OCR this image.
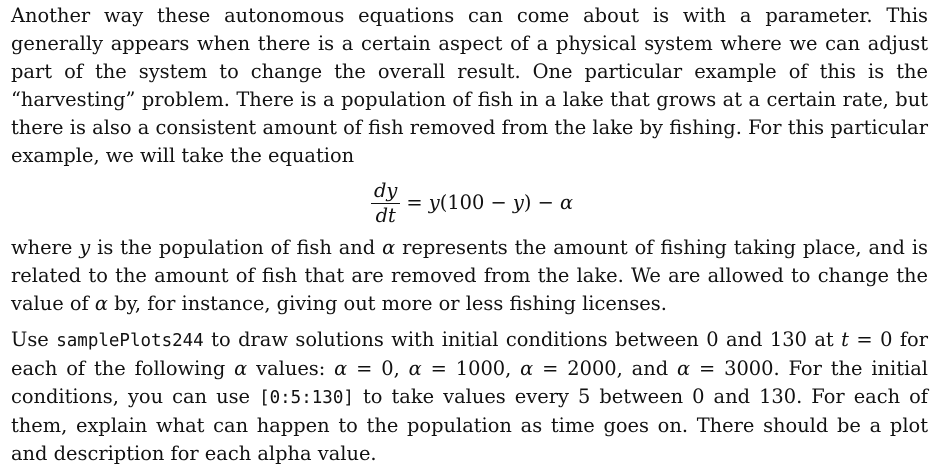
Another way these autonomous equations can come about is with a parameter. This generally appears when there is a certain aspect of a physical system where we can adjust part of the system to change the overall result. One particular example of this is the “harvesting” problem. There is a population of fish in a lake that grows at a certain rate, but there is also a consistent amount of fish removed from the lake by fishing. For this particular example, we will take the equation

$\frac{dy}{dt} = y(100 - y) - \alpha$

where y is the population of fish and α represents the amount of fishing taking place, and is related to the amount of fish that are removed from the lake. We are allowed to change the value of α by, for instance, giving out more or less fishing licenses.

Use samplePlots244 to draw solutions with initial conditions between 0 and 130 at t = 0 for each of the following α values: α = 0, α = 1000, α = 2000, and α = 3000. For the initial conditions, you can use [0:5:130] to take values every 5 between 0 and 130. For each of them, explain what can happen to the population as time goes on. There should be a plot and description for each alpha value.
